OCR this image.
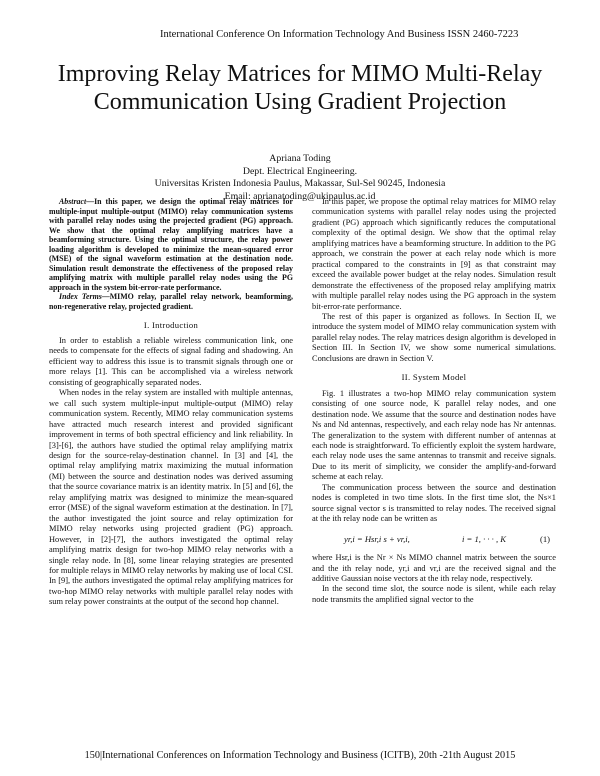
International Conference On Information Technology And Business ISSN 2460-7223
Improving Relay Matrices for MIMO Multi-Relay
Communication Using Gradient Projection
Apriana Toding
Dept. Electrical Engineering.
Universitas Kristen Indonesia Paulus, Makassar, Sul-Sel 90245, Indonesia
Email: aprianatoding@ukipaulus.ac.id

Abstract—In this paper, we design the optimal relay matrices for multiple-input multiple-output (MIMO) relay communication systems with parallel relay nodes using the projected gradient (PG) approach. We show that the optimal relay amplifying matrices have a beamforming structure. Using the optimal structure, the relay power loading algorithm is developed to minimize the mean-squared error (MSE) of the signal waveform estimation at the destination node. Simulation result demonstrate the effectiveness of the proposed relay amplifying matrix with multiple parallel relay nodes using the PG approach in the system bit-error-rate performance.

Index Terms—MIMO relay, parallel relay network, beamforming, non-regenerative relay, projected gradient.

I. Introduction

In order to establish a reliable wireless communication link, one needs to compensate for the effects of signal fading and shadowing. An efficient way to address this issue is to transmit signals through one or more relays [1]. This can be accomplished via a wireless network consisting of geographically separated nodes.

When nodes in the relay system are installed with multiple antennas, we call such system multiple-input multiple-output (MIMO) relay communication system. Recently, MIMO relay communication systems have attracted much research interest and provided significant improvement in terms of both spectral efficiency and link reliability. In [3]-[6], the authors have studied the optimal relay amplifying matrix design for the source-relay-destination channel. In [3] and [4], the optimal relay amplifying matrix maximizing the mutual information (MI) between the source and destination nodes was derived assuming that the source covariance matrix is an identity matrix. In [5] and [6], the relay amplifying matrix was designed to minimize the mean-squared error (MSE) of the signal waveform estimation at the destination. In [7], the author investigated the joint source and relay optimization for MIMO relay networks using projected gradient (PG) approach. However, in [2]-[7], the authors investigated the optimal relay amplifying matrix design for two-hop MIMO relay networks with a single relay node. In [8], some linear relaying strategies are presented for multiple relays in MIMO relay networks by making use of local CSI. In [9], the authors investigated the optimal relay amplifying matrices for two-hop MIMO relay networks with multiple parallel relay nodes with sum relay power constraints at the output of the second hop channel.

In this paper, we propose the optimal relay matrices for MIMO relay communication systems with parallel relay nodes using the projected gradient (PG) approach which significantly reduces the computational complexity of the optimal design. We show that the optimal relay amplifying matrices have a beamforming structure. In addition to the PG approach, we constrain the power at each relay node which is more practical compared to the constraints in [9] as that constraint may exceed the available power budget at the relay nodes. Simulation result demonstrate the effectiveness of the proposed relay amplifying matrix with multiple parallel relay nodes using the PG approach in the system bit-error-rate performance.

The rest of this paper is organized as follows. In Section II, we introduce the system model of MIMO relay communication system with parallel relay nodes. The relay matrices design algorithm is developed in Section III. In Section IV, we show some numerical simulations. Conclusions are drawn in Section V.

II. System Model

Fig. 1 illustrates a two-hop MIMO relay communication system consisting of one source node, K parallel relay nodes, and one destination node. We assume that the source and destination nodes have Ns and Nd antennas, respectively, and each relay node has Nr antennas. The generalization to the system with different number of antennas at each node is straightforward. To efficiently exploit the system hardware, each relay node uses the same antennas to transmit and receive signals. Due to its merit of simplicity, we consider the amplify-and-forward scheme at each relay.

The communication process between the source and destination nodes is completed in two time slots. In the first time slot, the Ns×1 source signal vector s is transmitted to relay nodes. The received signal at the ith relay node can be written as

yr,i = Hsr,i s + vr,i,	i = 1, · · · , K	(1)

where Hsr,i is the Nr × Ns MIMO channel matrix between the source and the ith relay node, yr,i and vr,i are the received signal and the additive Gaussian noise vectors at the ith relay node, respectively.

In the second time slot, the source node is silent, while each relay node transmits the amplified signal vector to the

150|International Conferences on Information Technology and Business (ICITB), 20th -21th August 2015
